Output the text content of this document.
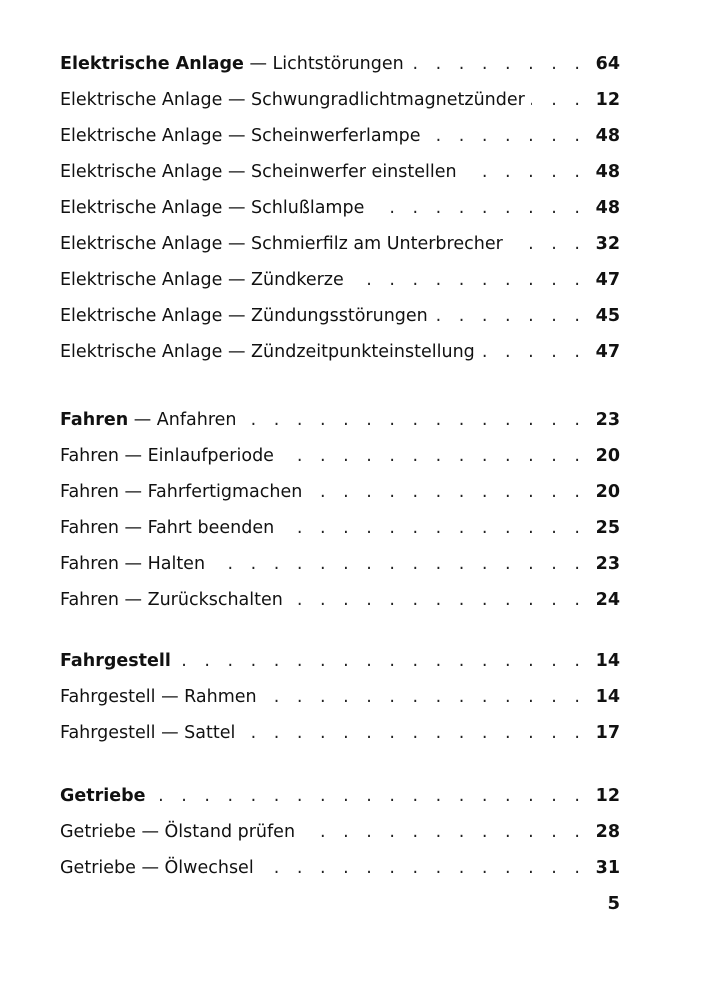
Elektrische Anlage — Lichtstörungen . . .	64
Elektrische Anlage — Schwungradlichtmagnetzünder . . .	12
Elektrische Anlage — Scheinwerferlampe . . .	48
Elektrische Anlage — Scheinwerfer einstellen . . .	48
Elektrische Anlage — Schlußlampe . . .	48
Elektrische Anlage — Schmierfilz am Unterbrecher . . .	32
Elektrische Anlage — Zündkerze . . .	47
Elektrische Anlage — Zündungsstörungen . . .	45
Elektrische Anlage — Zündzeitpunkteinstellung . . .	47
Fahren — Anfahren . . .	23
Fahren — Einlaufperiode . . .	20
Fahren — Fahrfertigmachen . . .	20
Fahren — Fahrt beenden . . .	25
Fahren — Halten . . .	23
Fahren — Zurückschalten . . .	24
Fahrgestell . . .	14
Fahrgestell — Rahmen . . .	14
Fahrgestell — Sattel . . .	17
Getriebe . . .	12
Getriebe — Ölstand prüfen . . .	28
Getriebe — Ölwechsel . . .	31
5
